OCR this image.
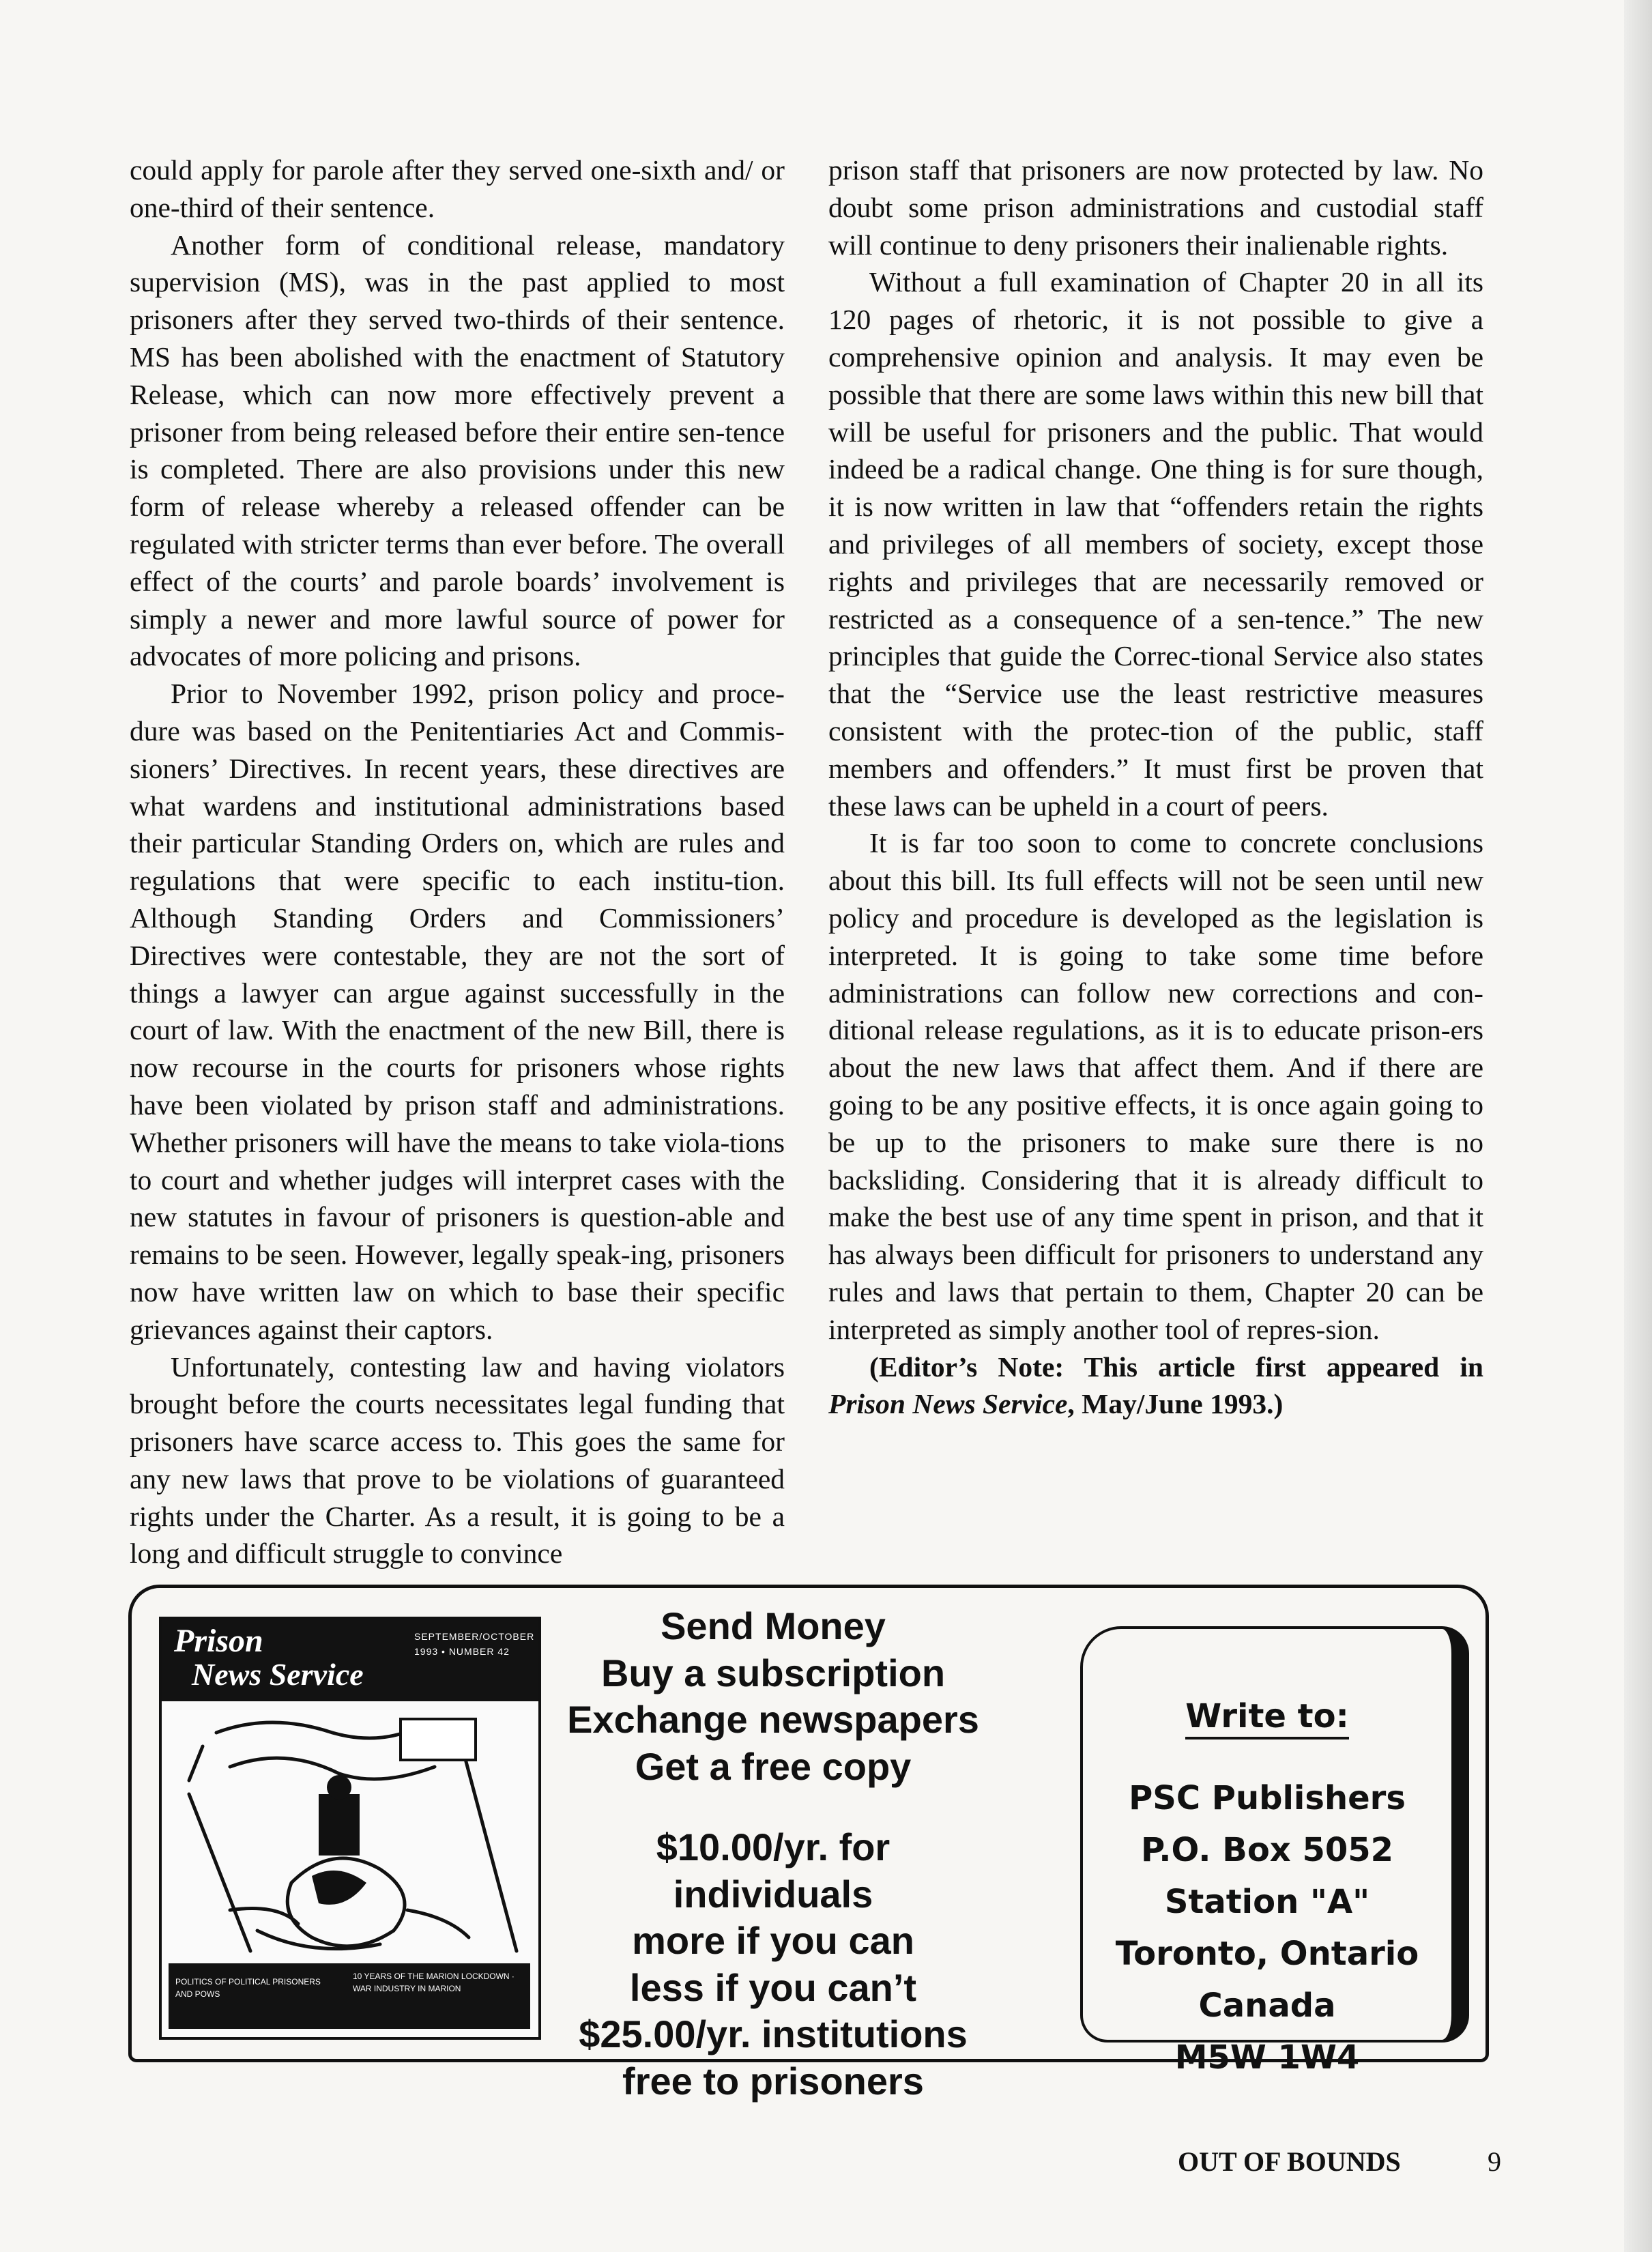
could apply for parole after they served one-sixth and/ or one-third of their sentence.

Another form of conditional release, mandatory supervision (MS), was in the past applied to most prisoners after they served two-thirds of their sentence. MS has been abolished with the enactment of Statutory Release, which can now more effectively prevent a prisoner from being released before their entire sen-tence is completed. There are also provisions under this new form of release whereby a released offender can be regulated with stricter terms than ever before. The overall effect of the courts’ and parole boards’ involvement is simply a newer and more lawful source of power for advocates of more policing and prisons.

Prior to November 1992, prison policy and proce-dure was based on the Penitentiaries Act and Commis-sioners’ Directives. In recent years, these directives are what wardens and institutional administrations based their particular Standing Orders on, which are rules and regulations that were specific to each institu-tion. Although Standing Orders and Commissioners’ Directives were contestable, they are not the sort of things a lawyer can argue against successfully in the court of law. With the enactment of the new Bill, there is now recourse in the courts for prisoners whose rights have been violated by prison staff and administrations. Whether prisoners will have the means to take viola-tions to court and whether judges will interpret cases with the new statutes in favour of prisoners is question-able and remains to be seen. However, legally speak-ing, prisoners now have written law on which to base their specific grievances against their captors.

Unfortunately, contesting law and having violators brought before the courts necessitates legal funding that prisoners have scarce access to. This goes the same for any new laws that prove to be violations of guaranteed rights under the Charter. As a result, it is going to be a long and difficult struggle to convince

prison staff that prisoners are now protected by law. No doubt some prison administrations and custodial staff will continue to deny prisoners their inalienable rights.

Without a full examination of Chapter 20 in all its 120 pages of rhetoric, it is not possible to give a comprehensive opinion and analysis. It may even be possible that there are some laws within this new bill that will be useful for prisoners and the public. That would indeed be a radical change. One thing is for sure though, it is now written in law that “offenders retain the rights and privileges of all members of society, except those rights and privileges that are necessarily removed or restricted as a consequence of a sen-tence.” The new principles that guide the Correc-tional Service also states that the “Service use the least restrictive measures consistent with the protec-tion of the public, staff members and offenders.” It must first be proven that these laws can be upheld in a court of peers.

It is far too soon to come to concrete conclusions about this bill. Its full effects will not be seen until new policy and procedure is developed as the legislation is interpreted. It is going to take some time before administrations can follow new corrections and con-ditional release regulations, as it is to educate prison-ers about the new laws that affect them. And if there are going to be any positive effects, it is once again going to be up to the prisoners to make sure there is no backsliding. Considering that it is already difficult to make the best use of any time spent in prison, and that it has always been difficult for prisoners to understand any rules and laws that pertain to them, Chapter 20 can be interpreted as simply another tool of repres-sion.

(Editor’s Note: This article first appeared in Prison News Service, May/June 1993.)

Prison
News Service
SEPTEMBER/OCTOBER
1993 • NUMBER 42
POLITICS OF POLITICAL PRISONERS AND POWS
10 YEARS OF THE MARION LOCKDOWN · WAR INDUSTRY IN MARION
Send Money
Buy a subscription
Exchange newspapers
Get a free copy
$10.00/yr. for individuals
more if you can
less if you can’t
$25.00/yr. institutions
free to prisoners
Write to:
PSC Publishers
P.O. Box 5052
Station "A"
Toronto, Ontario
Canada
M5W 1W4
OUT OF BOUNDS	9
